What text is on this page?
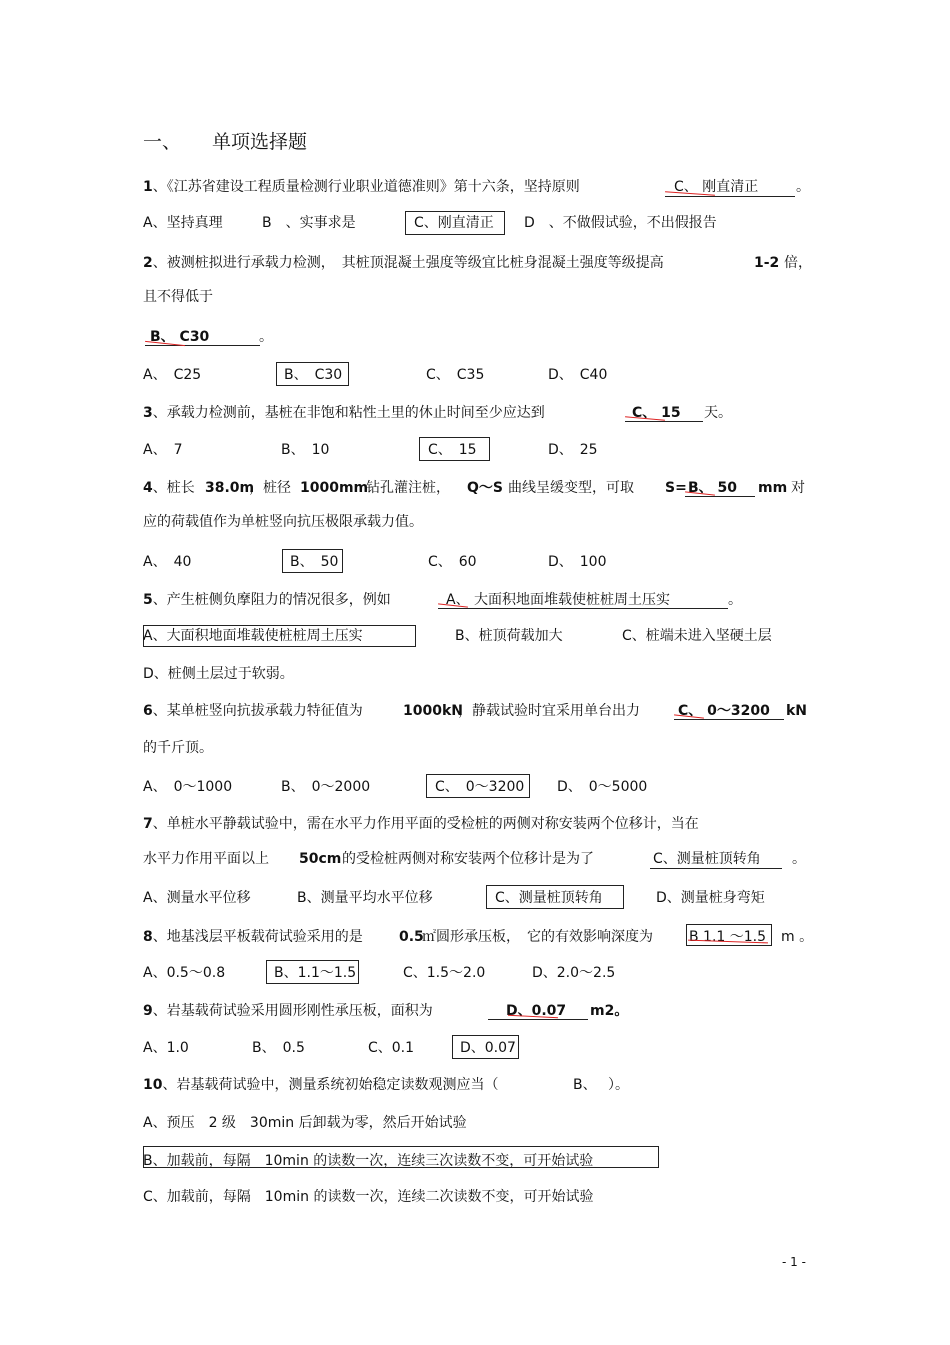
一、 单项选择题
1、《江苏省建设工程质量检测行业职业道德准则》第十六条，坚持原则	C、 刚直清正	。
A、坚持真理	B　、实事求是	C、刚直清正 D　、不做假试验，不出假报告
2、被测桩拟进行承载力检测，　其桩顶混凝土强度等级宜比桩身混凝土强度等级提高	1-2 倍，
且不得低于
B、 C30	。
A、　C25	B、　C30	C、　C35	D、　C40
3、承载力检测前，基桩在非饱和粘性土里的休止时间至少应达到	C、 15 天。
A、　7	B、　10	C、　15	D、　25
4、桩长 38.0m
，桩径 1000mm
钻孔灌注桩， Q～S 曲线呈缓变型，可取 S= B、 50 mm 对
应的荷载值作为单桩竖向抗压极限承载力值。
A、　40	B、　50	C、　60	D、　100
5、产生桩侧负摩阻力的情况很多，例如	A、 大面积地面堆载使桩桩周土压实	。
A、大面积地面堆载使桩桩周土压实	B、桩顶荷载加大	C、桩端未进入坚硬土层
D、桩侧土层过于软弱。
6、某单桩竖向抗拔承载力特征值为	1000kN
，静载试验时宜采用单台出力	C、 0～3200 kN
的千斤顶。
A、　0～1000	B、　0～2000	C、　0～3200 D、　0～5000
7、单桩水平静载试验中，需在水平力作用平面的受检桩的两侧对称安装两个位移计，当在
水平力作用平面以上 50cm 的受检桩两侧对称安装两个位移计是为了	C、测量桩顶转角 。
A、测量水平位移	B、测量平均水平位移	C、测量桩顶转角	D、测量桩身弯矩
8、地基浅层平板载荷试验采用的是	0.5
㎡圆形承压板，　它的有效影响深度为	B 1.1 ～1.5 m 。
A、0.5～0.8	B、1.1～1.5	C、1.5～2.0	D、2.0～2.5
9、岩基载荷试验采用圆形刚性承压板，面积为	D、0.07 m2。
A、1.0	B、　0.5	C、0.1	D、0.07
10、岩基载荷试验中，测量系统初始稳定读数观测应当（	B、 ）。
A、预压　2 级　30min 后卸载为零，然后开始试验
B、加载前，每隔　10min 的读数一次，连续三次读数不变，可开始试验
C、加载前，每隔　10min 的读数一次，连续二次读数不变，可开始试验
- 1 -
